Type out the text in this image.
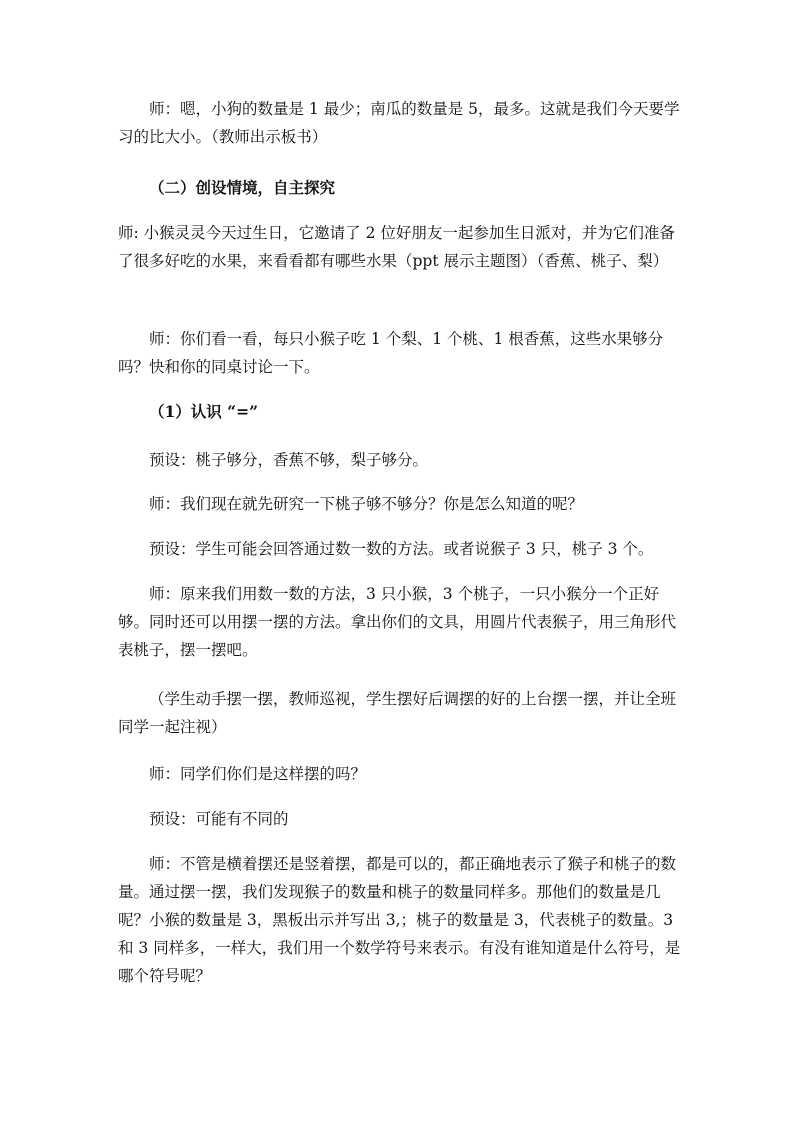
师：嗯，小狗的数量是 1 最少；南瓜的数量是 5，最多。这就是我们今天要学习的比大小。（教师出示板书）

（二）创设情境，自主探究

师: 小猴灵灵今天过生日，它邀请了 2 位好朋友一起参加生日派对，并为它们准备了很多好吃的水果，来看看都有哪些水果（ppt 展示主题图）（香蕉、桃子、梨）

师：你们看一看，每只小猴子吃 1 个梨、1 个桃、1 根香蕉，这些水果够分吗？快和你的同桌讨论一下。

（1）认识 “=”

预设：桃子够分，香蕉不够，梨子够分。

师：我们现在就先研究一下桃子够不够分？你是怎么知道的呢？

预设：学生可能会回答通过数一数的方法。或者说猴子 3 只，桃子 3 个。

师：原来我们用数一数的方法，3 只小猴，3 个桃子，一只小猴分一个正好够。同时还可以用摆一摆的方法。拿出你们的文具，用圆片代表猴子，用三角形代表桃子，摆一摆吧。

（学生动手摆一摆，教师巡视，学生摆好后调摆的好的上台摆一摆，并让全班同学一起注视）

师：同学们你们是这样摆的吗？

预设：可能有不同的

师：不管是横着摆还是竖着摆，都是可以的，都正确地表示了猴子和桃子的数量。通过摆一摆，我们发现猴子的数量和桃子的数量同样多。那他们的数量是几呢？小猴的数量是 3，黑板出示并写出 3,；桃子的数量是 3，代表桃子的数量。3 和 3 同样多，一样大，我们用一个数学符号来表示。有没有谁知道是什么符号，是哪个符号呢？
